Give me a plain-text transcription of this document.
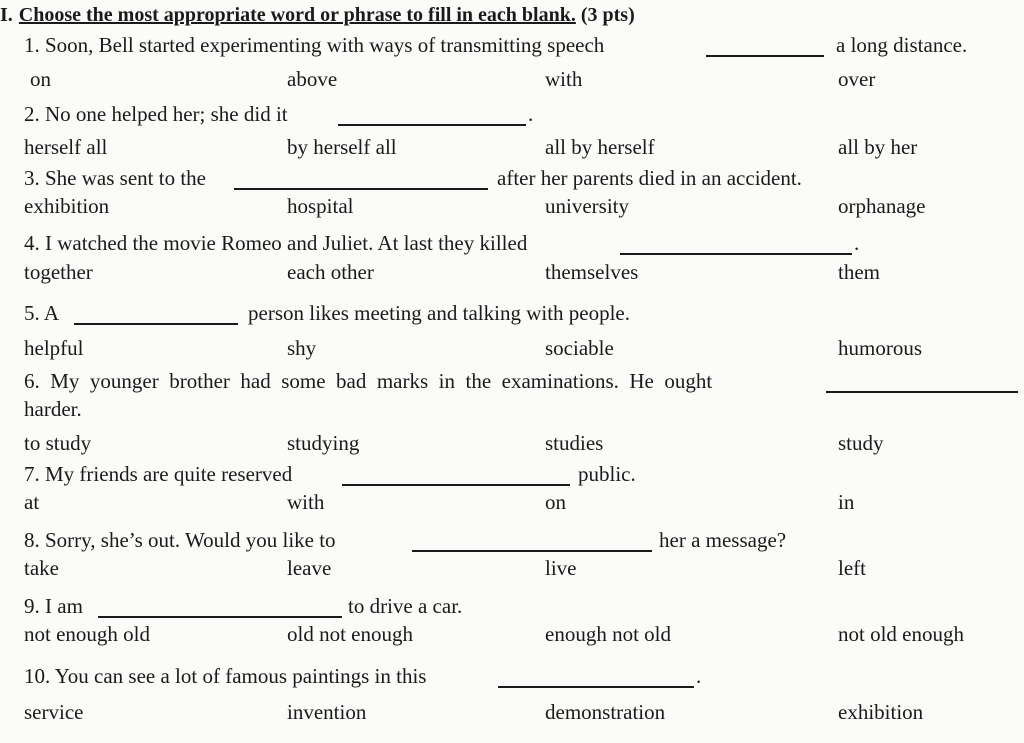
I. Choose the most appropriate word or phrase to fill in each blank. (3 pts)
1. Soon, Bell started experimenting with ways of transmitting speech	a long distance.
on	above	with	over
2. No one helped her; she did it	.
herself all	by herself all	all by herself	all by her
3. She was sent to the	after her parents died in an accident.
exhibition	hospital	university	orphanage
4. I watched the movie Romeo and Juliet. At last they killed	.
together	each other	themselves	them
5. A	person likes meeting and talking with people.
helpful	shy	sociable	humorous
6.  My  younger  brother  had  some  bad  marks  in  the  examinations.  He  ought
harder.
to study	studying	studies	study
7. My friends are quite reserved	public.
at	with	on	in
8. Sorry, she’s out. Would you like to	her a message?
take	leave	live	left
9. I am	to drive a car.
not enough old	old not enough	enough not old	not old enough
10. You can see a lot of famous paintings in this	.
service	invention	demonstration	exhibition
